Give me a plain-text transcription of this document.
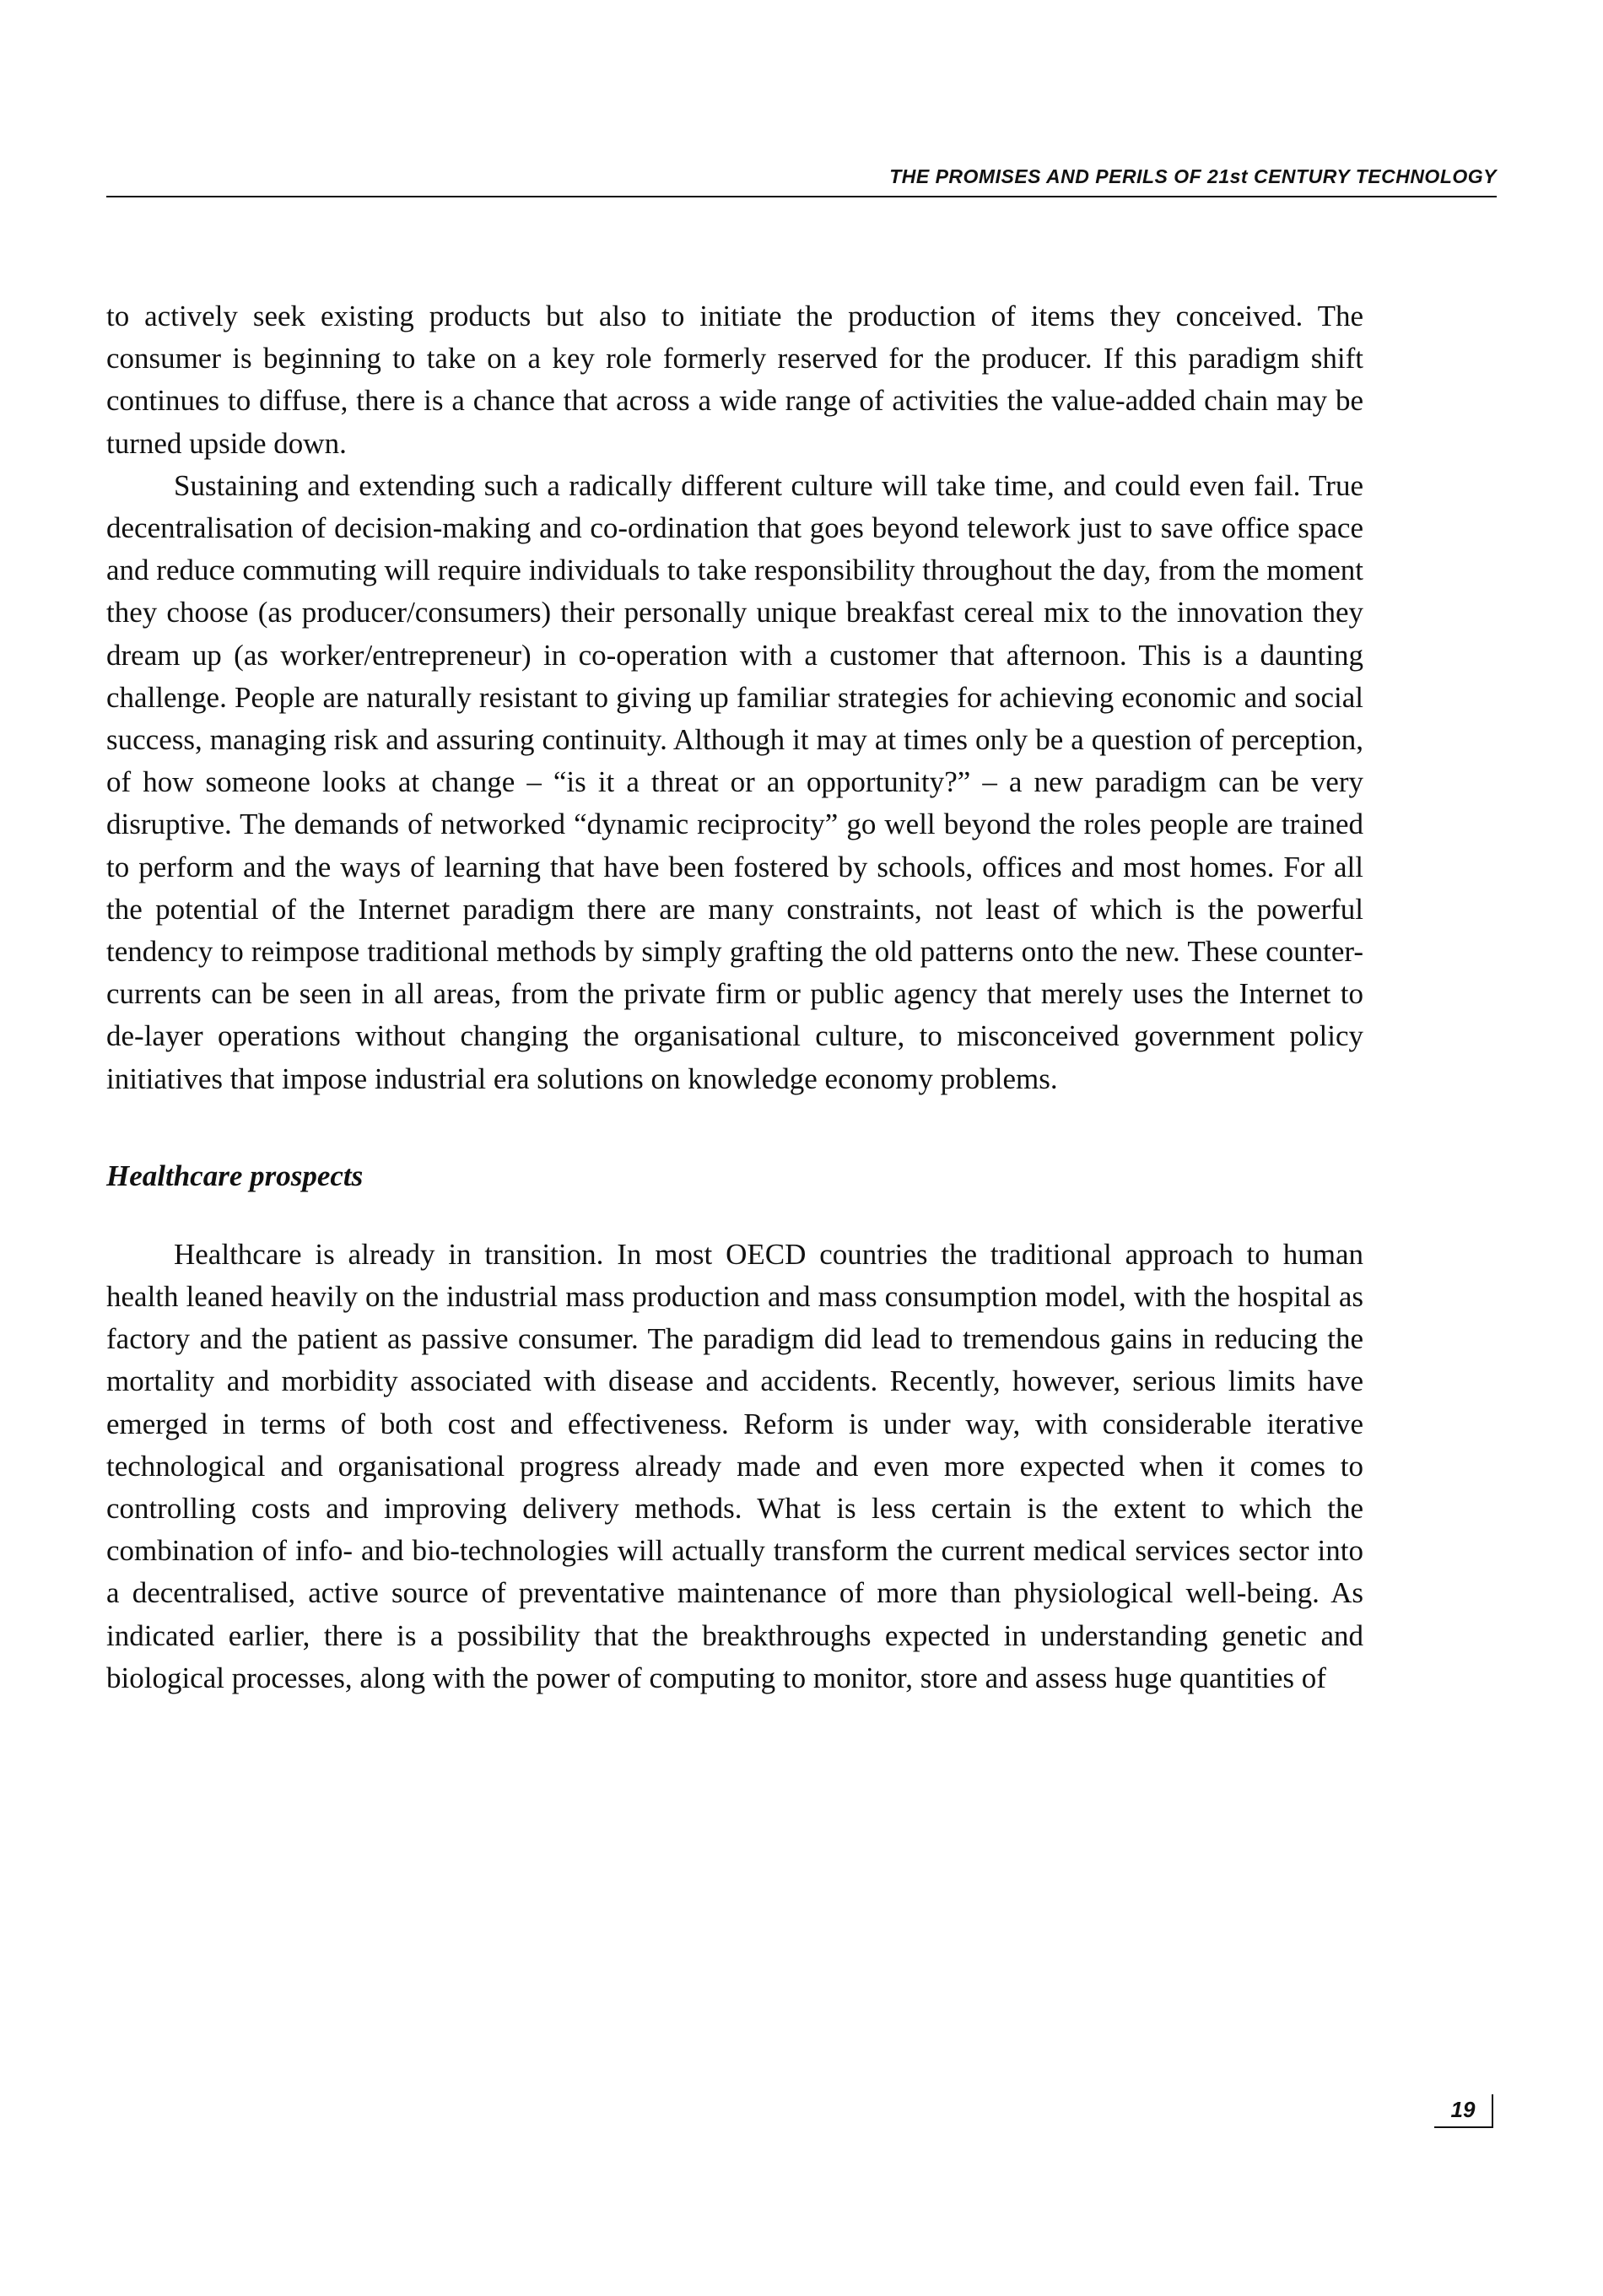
THE PROMISES AND PERILS OF 21st CENTURY TECHNOLOGY

to actively seek existing products but also to initiate the production of items they conceived. The consumer is beginning to take on a key role formerly reserved for the producer. If this paradigm shift continues to diffuse, there is a chance that across a wide range of activities the value-added chain may be turned upside down.

Sustaining and extending such a radically different culture will take time, and could even fail. True decentralisation of decision-making and co-ordination that goes beyond telework just to save office space and reduce commuting will require individuals to take responsibility throughout the day, from the moment they choose (as producer/consumers) their personally unique breakfast cereal mix to the innovation they dream up (as worker/entrepreneur) in co-operation with a customer that afternoon. This is a daunting challenge. People are naturally resistant to giving up familiar strategies for achieving economic and social success, managing risk and assuring continuity. Although it may at times only be a question of perception, of how someone looks at change – “is it a threat or an opportunity?” – a new paradigm can be very disruptive. The demands of networked “dynamic reciprocity” go well beyond the roles people are trained to perform and the ways of learning that have been fostered by schools, offices and most homes. For all the potential of the Internet paradigm there are many constraints, not least of which is the powerful tendency to reimpose traditional methods by simply grafting the old patterns onto the new. These counter-currents can be seen in all areas, from the private firm or public agency that merely uses the Internet to de-layer operations without changing the organisational culture, to misconceived government policy initiatives that impose industrial era solutions on knowledge economy problems.

Healthcare prospects

Healthcare is already in transition. In most OECD countries the traditional approach to human health leaned heavily on the industrial mass production and mass consumption model, with the hospital as factory and the patient as passive consumer. The paradigm did lead to tremendous gains in reducing the mortality and morbidity associated with disease and accidents. Recently, however, serious limits have emerged in terms of both cost and effectiveness. Reform is under way, with considerable iterative technological and organisational progress already made and even more expected when it comes to controlling costs and improving delivery methods. What is less certain is the extent to which the combination of info- and bio-technologies will actually transform the current medical services sector into a decentralised, active source of preventative maintenance of more than physiological well-being. As indicated earlier, there is a possibility that the breakthroughs expected in understanding genetic and biological processes, along with the power of computing to monitor, store and assess huge quantities of

19
